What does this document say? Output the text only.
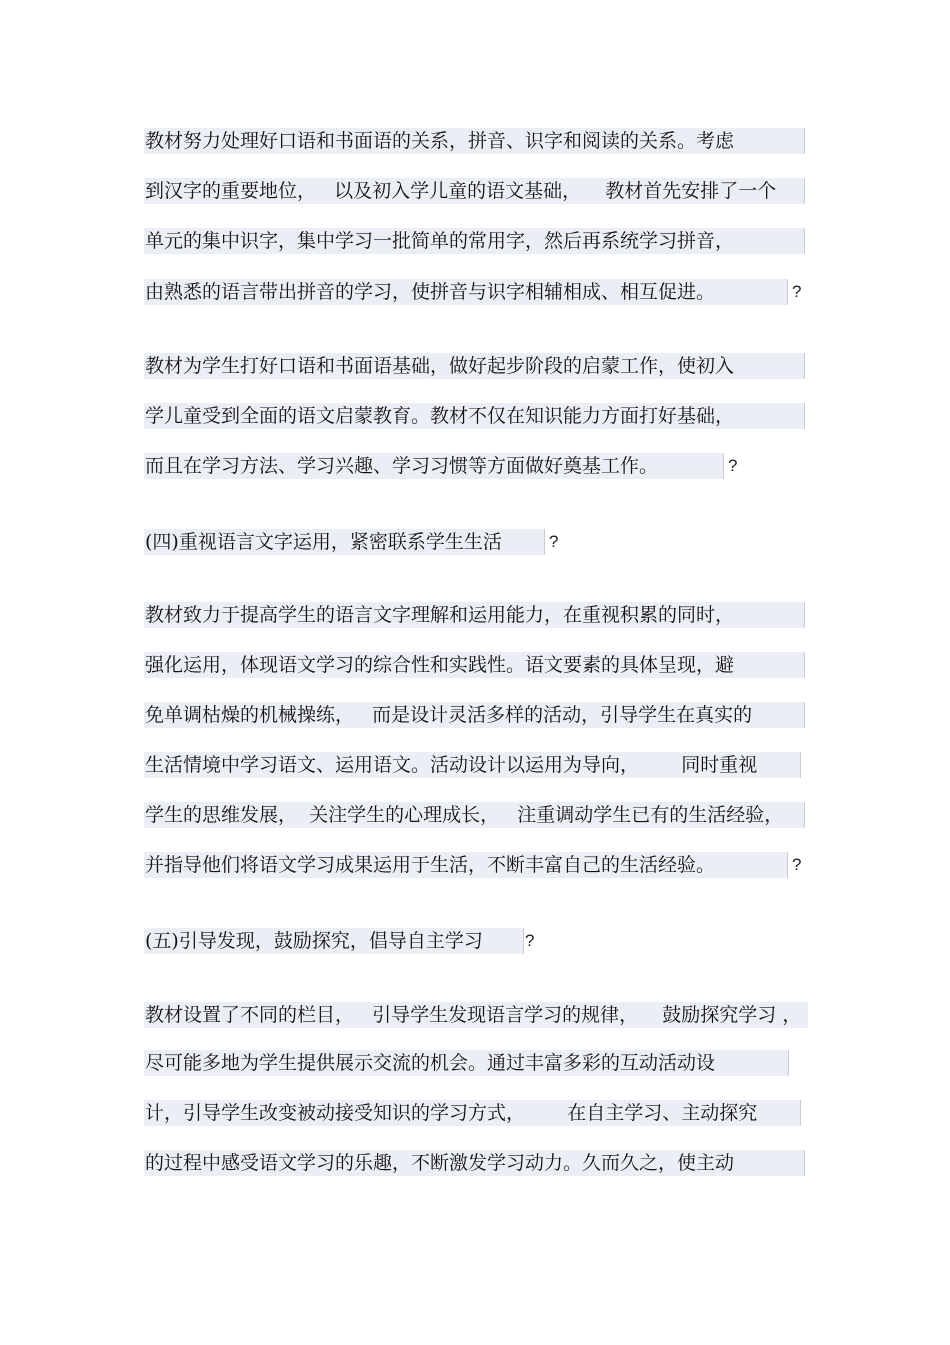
教材努力处理好口语和书面语的关系，拼音、识字和阅读的关系。考虑
到汉字的重要地位，   以及初入学儿童的语文基础，    教材首先安排了一个
单元的集中识字，集中学习一批简单的常用字，然后再系统学习拼音，
由熟悉的语言带出拼音的学习，使拼音与识字相辅相成、相互促进。	?
教材为学生打好口语和书面语基础，做好起步阶段的启蒙工作，使初入
学儿童受到全面的语文启蒙教育。教材不仅在知识能力方面打好基础，
而且在学习方法、学习兴趣、学习习惯等方面做好奠基工作。	?
(四)重视语言文字运用，紧密联系学生生活	?
教材致力于提高学生的语言文字理解和运用能力，在重视积累的同时，
强化运用，体现语文学习的综合性和实践性。语文要素的具体呈现，避
免单调枯燥的机械操练，   而是设计灵活多样的活动，引导学生在真实的
生活情境中学习语文、运用语文。活动设计以运用为导向，       同时重视
学生的思维发展，  关注学生的心理成长，   注重调动学生已有的生活经验，
并指导他们将语文学习成果运用于生活，不断丰富自己的生活经验。	?
(五)引导发现，鼓励探究，倡导自主学习	?
教材设置了不同的栏目，   引导学生发现语言学习的规律，    鼓励探究学习 ，
尽可能多地为学生提供展示交流的机会。通过丰富多彩的互动活动设
计，引导学生改变被动接受知识的学习方式，       在自主学习、主动探究
的过程中感受语文学习的乐趣，不断激发学习动力。久而久之，使主动
